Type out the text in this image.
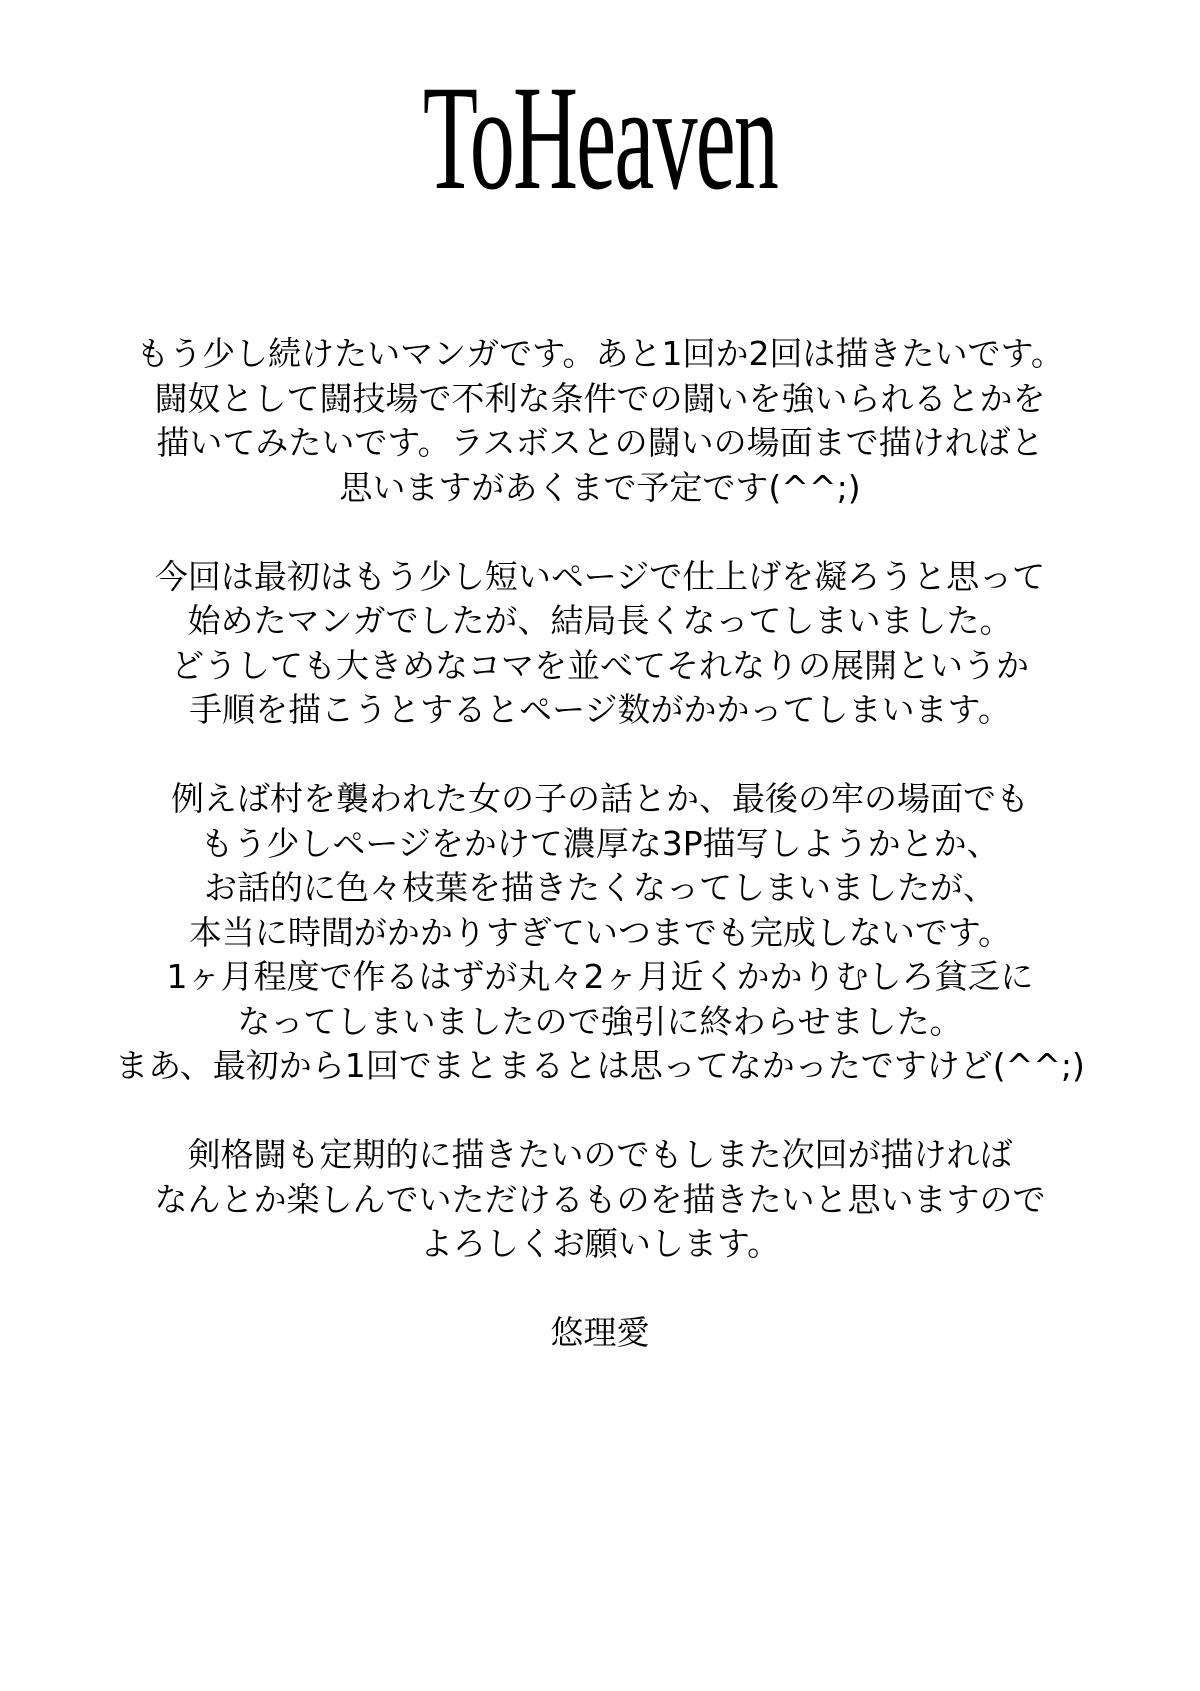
ToHeaven

もう少し続けたいマンガです。あと1回か2回は描きたいです。
闘奴として闘技場で不利な条件での闘いを強いられるとかを
描いてみたいです。ラスボスとの闘いの場面まで描ければと
思いますがあくまで予定です(^^;)

今回は最初はもう少し短いページで仕上げを凝ろうと思って
始めたマンガでしたが、結局長くなってしまいました。
どうしても大きめなコマを並べてそれなりの展開というか
手順を描こうとするとページ数がかかってしまいます。

例えば村を襲われた女の子の話とか、最後の牢の場面でも
もう少しページをかけて濃厚な3P描写しようかとか、
お話的に色々枝葉を描きたくなってしまいましたが、
本当に時間がかかりすぎていつまでも完成しないです。
1ヶ月程度で作るはずが丸々2ヶ月近くかかりむしろ貧乏に
なってしまいましたので強引に終わらせました。
まあ、最初から1回でまとまるとは思ってなかったですけど(^^;)

剣格闘も定期的に描きたいのでもしまた次回が描ければ
なんとか楽しんでいただけるものを描きたいと思いますので
よろしくお願いします。

悠理愛
